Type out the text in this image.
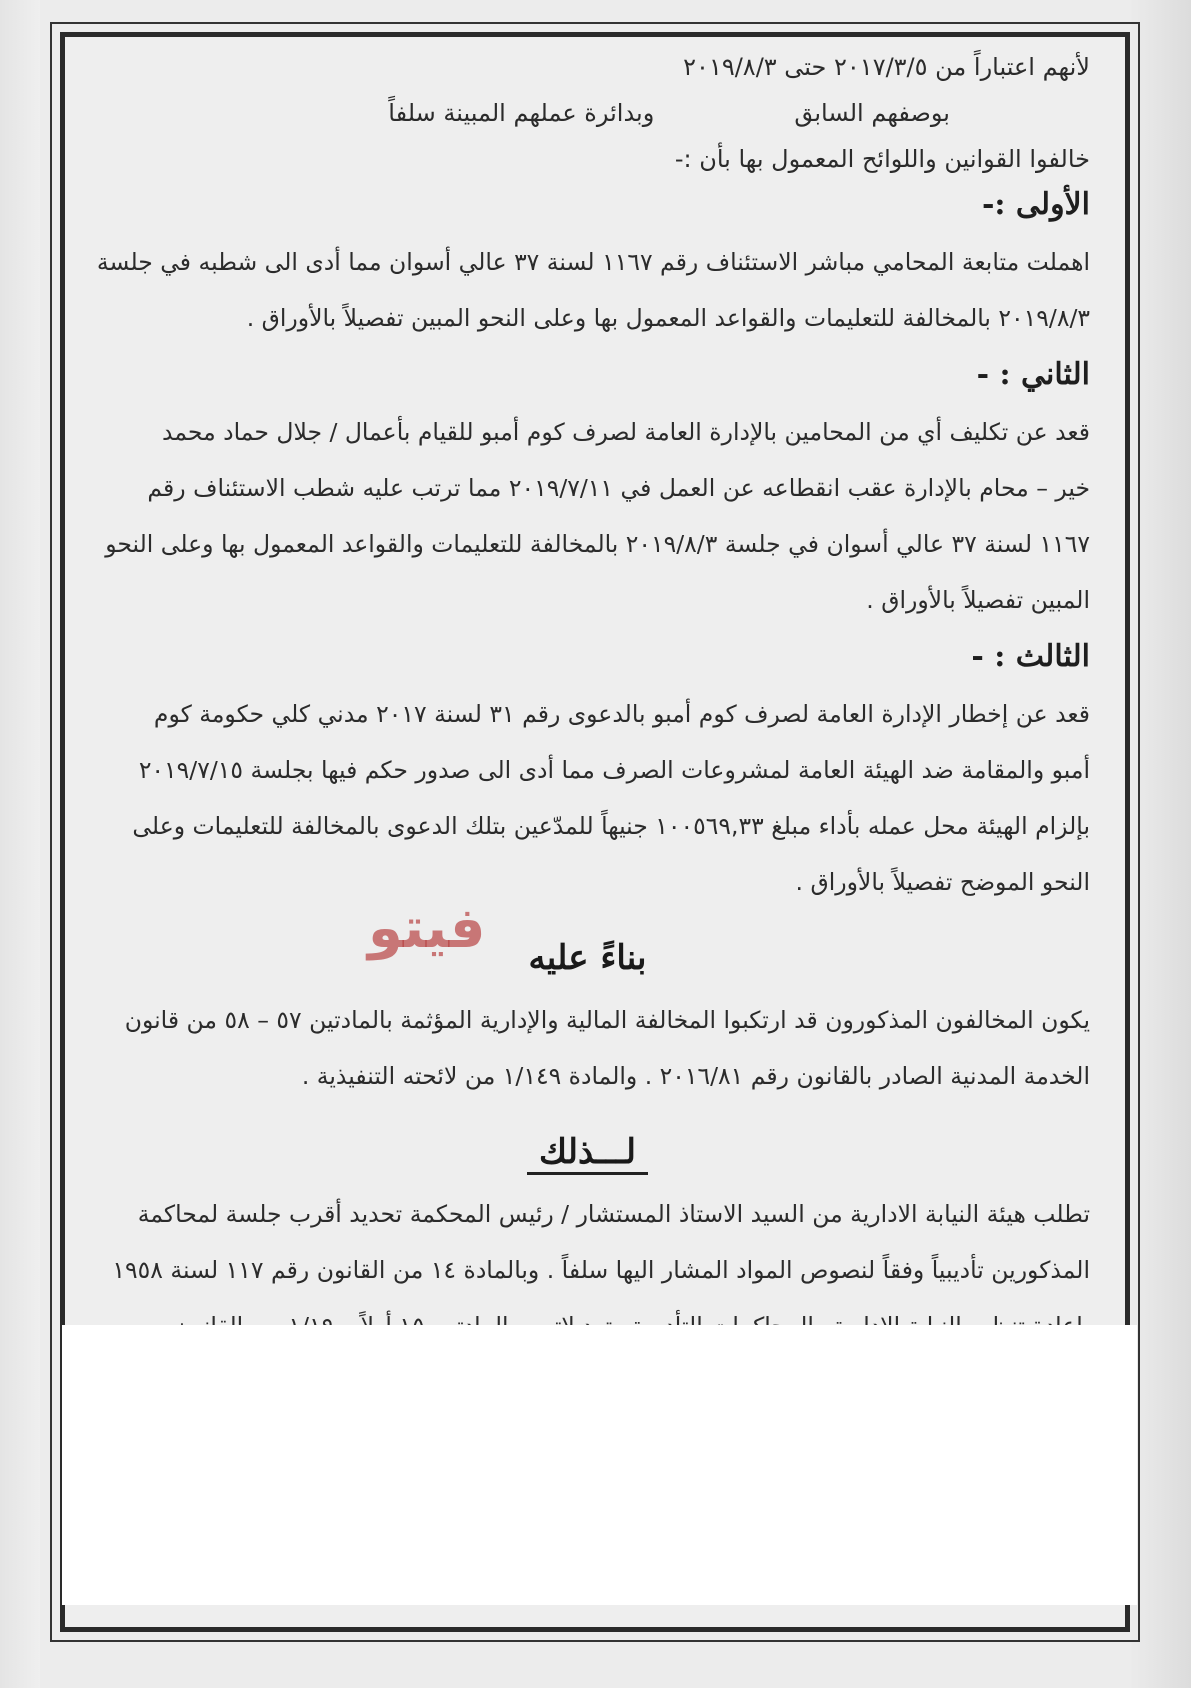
لأنهم اعتباراً من ٢٠١٧/٣/٥ حتى ٢٠١٩/٨/٣

بوصفهم السابق
وبدائرة عملهم المبينة سلفاً

خالفوا القوانين واللوائح المعمول بها بأن :-

الأولى :-

اهملت متابعة المحامي مباشر الاستئناف رقم ١١٦٧ لسنة ٣٧ عالي أسوان مما أدى الى شطبه في جلسة

٢٠١٩/٨/٣ بالمخالفة للتعليمات والقواعد المعمول بها وعلى النحو المبين تفصيلاً بالأوراق .

الثاني : -

قعد عن تكليف أي من المحامين بالإدارة العامة لصرف كوم أمبو للقيام بأعمال / جلال حماد محمد

خير – محام بالإدارة عقب انقطاعه عن العمل في ٢٠١٩/٧/١١ مما ترتب عليه شطب الاستئناف رقم

١١٦٧ لسنة ٣٧ عالي أسوان في جلسة ٢٠١٩/٨/٣ بالمخالفة للتعليمات والقواعد المعمول بها وعلى النحو

المبين تفصيلاً بالأوراق .

الثالث : -

قعد عن إخطار الإدارة العامة لصرف كوم أمبو بالدعوى رقم ٣١ لسنة ٢٠١٧ مدني كلي حكومة كوم

أمبو والمقامة ضد الهيئة العامة لمشروعات الصرف مما أدى الى صدور حكم فيها بجلسة ٢٠١٩/٧/١٥

بإلزام الهيئة محل عمله بأداء مبلغ ١٠٠٥٦٩,٣٣ جنيهاً للمدّعين بتلك الدعوى بالمخالفة للتعليمات وعلى

النحو الموضح تفصيلاً بالأوراق .

بناءً عليه

يكون المخالفون المذكورون قد ارتكبوا المخالفة المالية والإدارية المؤثمة بالمادتين ٥٧ – ٥٨ من قانون

الخدمة المدنية الصادر بالقانون رقم ٢٠١٦/٨١ . والمادة ١/١٤٩ من لائحته التنفيذية .

لـــذلك

تطلب هيئة النيابة الادارية من السيد الاستاذ المستشار / رئيس المحكمة تحديد أقرب جلسة لمحاكمة

المذكورين تأديبياً وفقاً لنصوص المواد المشار اليها سلفاً . وبالمادة ١٤ من القانون رقم ١١٧ لسنة ١٩٥٨

فيتو
